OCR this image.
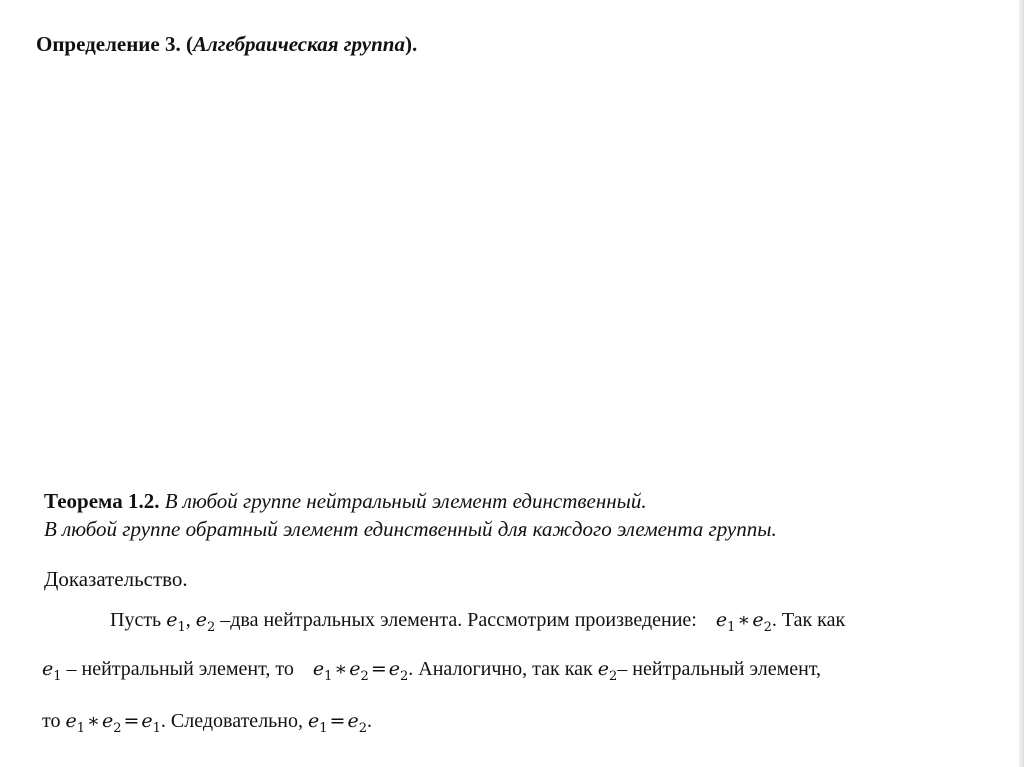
Определение 3. (Алгебраическая группа).
Теорема 1.2. В любой группе нейтральный элемент единственный.
В любой группе обратный элемент единственный для каждого элемента группы.
Доказательство.
Пусть $e_1$, $e_2$ –два нейтральных элемента. Рассмотрим произведение: $e_1$ ∗ $e_2$. Так как
$e_1$ – нейтральный элемент, то $e_1$ ∗ $e_2 = e_2$. Аналогично, так как $e_2-$ нейтральный элемент,
то $e_1$ ∗ $e_2 = e_1$. Следовательно, $e_1 = e_2$.
